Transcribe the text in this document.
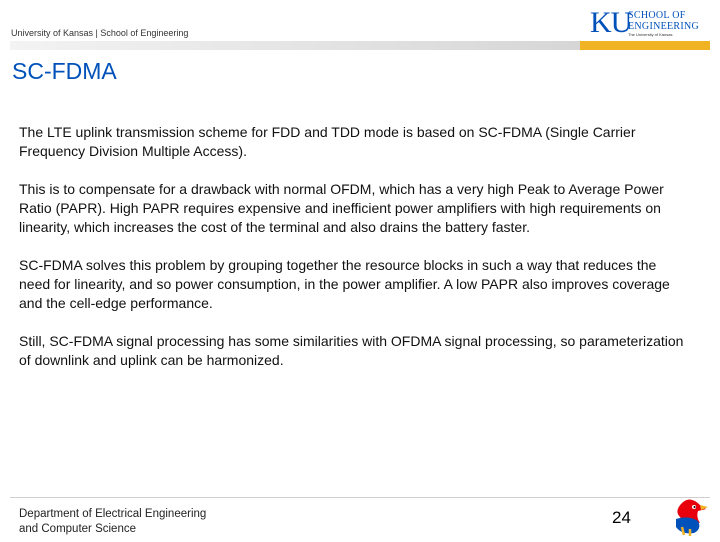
University of Kansas | School of Engineering	KU
SCHOOL OF
ENGINEERING
The University of Kansas
SC-FDMA

The LTE uplink transmission scheme for FDD and TDD mode is based on SC-FDMA (Single Carrier Frequency Division Multiple Access).

This is to compensate for a drawback with normal OFDM, which has a very high Peak to Average Power Ratio (PAPR). High PAPR requires expensive and inefficient power amplifiers with high requirements on linearity, which increases the cost of the terminal and also drains the battery faster.

SC-FDMA solves this problem by grouping together the resource blocks in such a way that reduces the need for linearity, and so power consumption, in the power amplifier. A low PAPR also improves coverage and the cell-edge performance.

Still, SC-FDMA signal processing has some similarities with OFDMA signal processing, so parameterization of downlink and uplink can be harmonized.

Department of Electrical Engineering
and Computer Science
24
